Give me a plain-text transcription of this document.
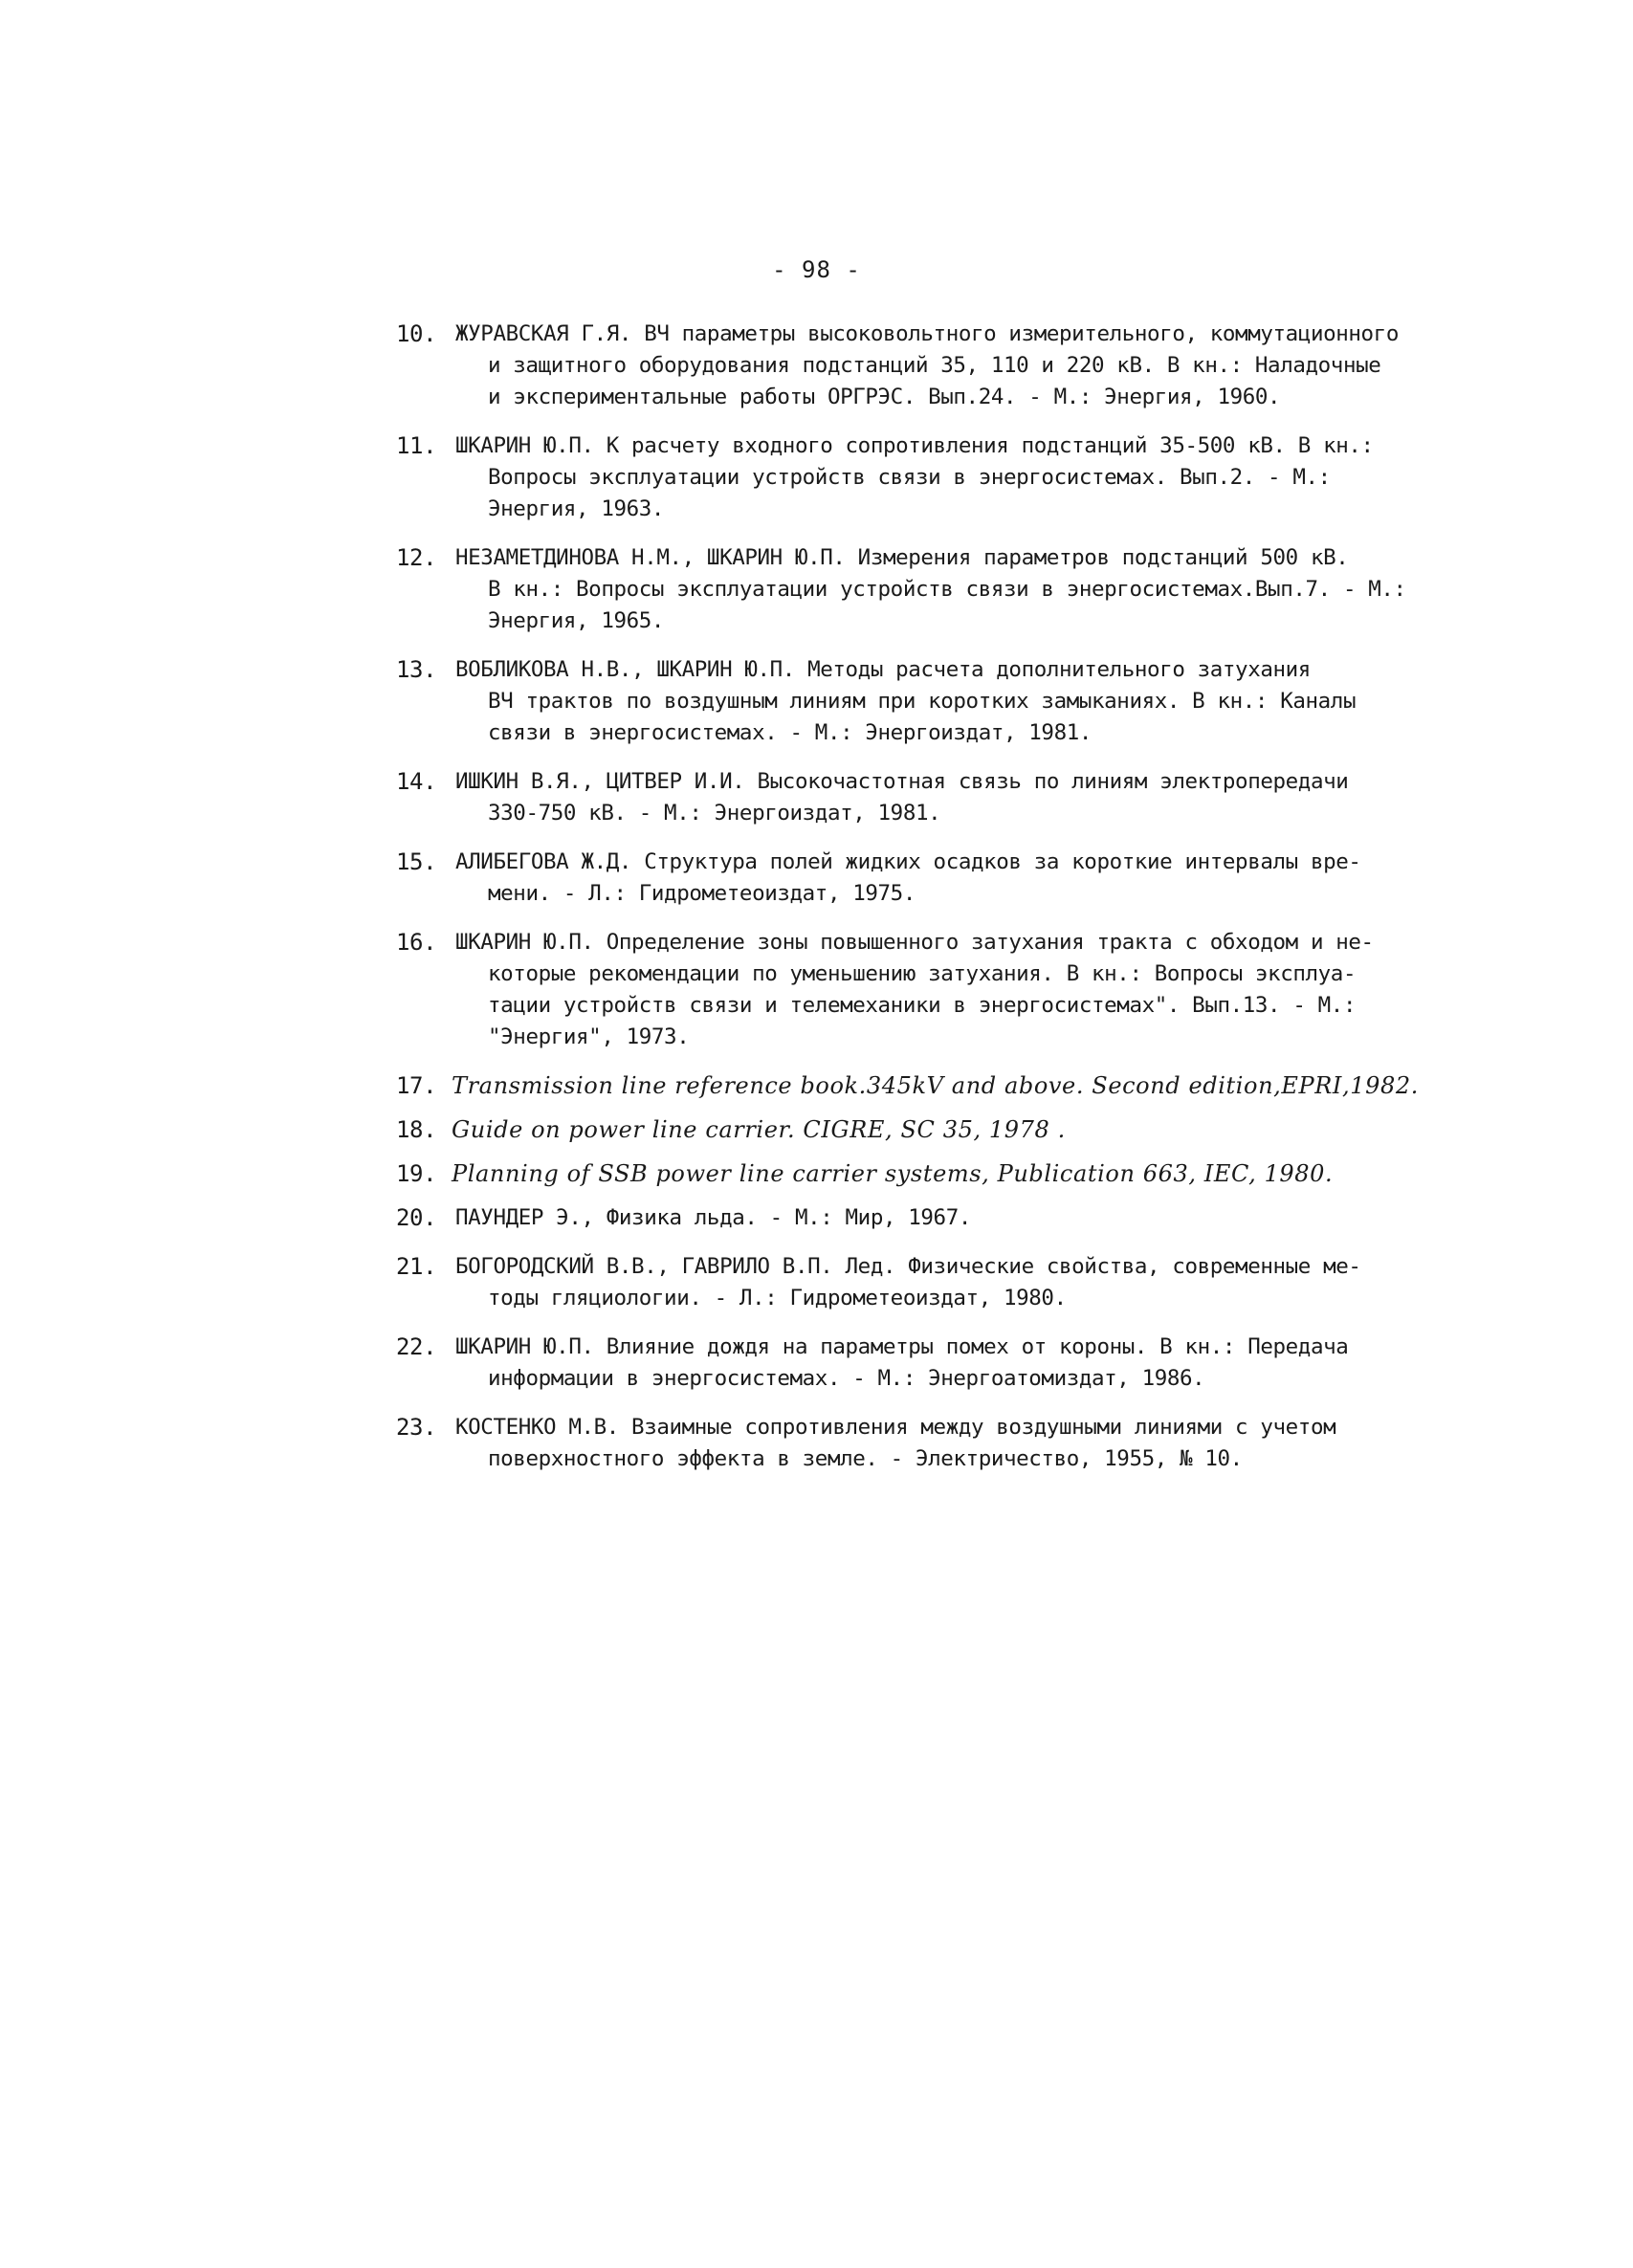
- 98 -
10. ЖУРАВСКАЯ Г.Я. ВЧ параметры высоковольтного измерительного, коммутационного
и защитного оборудования подстанций 35, 110 и 220 кВ. В кн.: Наладочные
и экспериментальные работы ОРГРЭС. Вып.24. - М.: Энергия, 1960.
11. ШКАРИН Ю.П. К расчету входного сопротивления подстанций 35-500 кВ. В кн.:
Вопросы эксплуатации устройств связи в энергосистемах. Вып.2. - М.:
Энергия, 1963.
12. НЕЗАМЕТДИНОВА Н.М., ШКАРИН Ю.П. Измерения параметров подстанций 500 кВ.
В кн.: Вопросы эксплуатации устройств связи в энергосистемах.Вып.7. - М.:
Энергия, 1965.
13. ВОБЛИКОВА Н.В., ШКАРИН Ю.П. Методы расчета дополнительного затухания
ВЧ трактов по воздушным линиям при коротких замыканиях. В кн.: Каналы
связи в энергосистемах. - М.: Энергоиздат, 1981.
14. ИШКИН В.Я., ЦИТВЕР И.И. Высокочастотная связь по линиям электропередачи
330-750 кВ. - М.: Энергоиздат, 1981.
15. АЛИБЕГОВА Ж.Д. Структура полей жидких осадков за короткие интервалы вре-
мени. - Л.: Гидрометеоиздат, 1975.
16. ШКАРИН Ю.П. Определение зоны повышенного затухания тракта с обходом и не-
которые рекомендации по уменьшению затухания. В кн.: Вопросы эксплуа-
тации устройств связи и телемеханики в энергосистемах". Вып.13. - М.:
"Энергия", 1973.
17. Transmission line reference book.345kV and above. Second edition,EPRI,1982.
18. Guide on power line carrier. CIGRE, SC 35, 1978 .
19. Planning of SSB power line carrier systems, Publication 663, IEC, 1980.
20. ПАУНДЕР Э., Физика льда. - М.: Мир, 1967.
21. БОГОРОДСКИЙ В.В., ГАВРИЛО В.П. Лед. Физические свойства, современные ме-
тоды гляциологии. - Л.: Гидрометеоиздат, 1980.
22. ШКАРИН Ю.П. Влияние дождя на параметры помех от короны. В кн.: Передача
информации в энергосистемах. - М.: Энергоатомиздат, 1986.
23. КОСТЕНКО М.В. Взаимные сопротивления между воздушными линиями с учетом
поверхностного эффекта в земле. - Электричество, 1955, № 10.
